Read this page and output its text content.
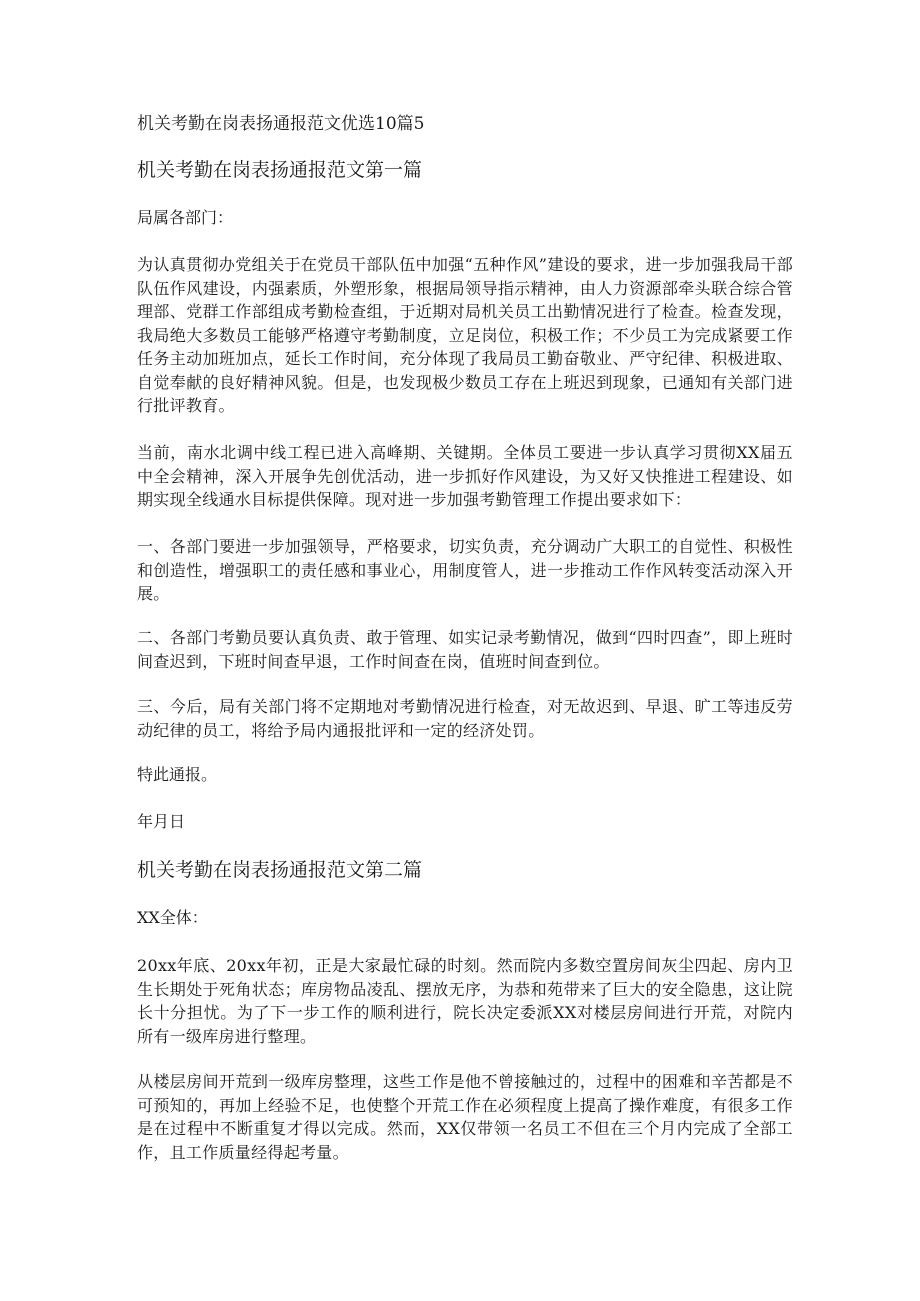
机关考勤在岗表扬通报范文优选10篇5
机关考勤在岗表扬通报范文第一篇
局属各部门：
为认真贯彻办党组关于在党员干部队伍中加强“五种作风”建设的要求，进一步加强我局干部队伍作风建设，内强素质，外塑形象，根据局领导指示精神，由人力资源部牵头联合综合管理部、党群工作部组成考勤检查组，于近期对局机关员工出勤情况进行了检查。检查发现，我局绝大多数员工能够严格遵守考勤制度，立足岗位，积极工作；不少员工为完成紧要工作任务主动加班加点，延长工作时间，充分体现了我局员工勤奋敬业、严守纪律、积极进取、自觉奉献的良好精神风貌。但是，也发现极少数员工存在上班迟到现象，已通知有关部门进行批评教育。
当前，南水北调中线工程已进入高峰期、关键期。全体员工要进一步认真学习贯彻XX届五中全会精神，深入开展争先创优活动，进一步抓好作风建设，为又好又快推进工程建设、如期实现全线通水目标提供保障。现对进一步加强考勤管理工作提出要求如下：
一、各部门要进一步加强领导，严格要求，切实负责，充分调动广大职工的自觉性、积极性和创造性，增强职工的责任感和事业心，用制度管人，进一步推动工作作风转变活动深入开展。
二、各部门考勤员要认真负责、敢于管理、如实记录考勤情况，做到“四时四查”，即上班时间查迟到，下班时间查早退，工作时间查在岗，值班时间查到位。
三、今后，局有关部门将不定期地对考勤情况进行检查，对无故迟到、早退、旷工等违反劳动纪律的员工，将给予局内通报批评和一定的经济处罚。
特此通报。
年月日
机关考勤在岗表扬通报范文第二篇
XX全体：
20xx年底、20xx年初，正是大家最忙碌的时刻。然而院内多数空置房间灰尘四起、房内卫生长期处于死角状态；库房物品凌乱、摆放无序，为恭和苑带来了巨大的安全隐患，这让院长十分担忧。为了下一步工作的顺利进行，院长决定委派XX对楼层房间进行开荒，对院内所有一级库房进行整理。
从楼层房间开荒到一级库房整理，这些工作是他不曾接触过的，过程中的困难和辛苦都是不可预知的，再加上经验不足，也使整个开荒工作在必须程度上提高了操作难度，有很多工作是在过程中不断重复才得以完成。然而，XX仅带领一名员工不但在三个月内完成了全部工作，且工作质量经得起考量。
